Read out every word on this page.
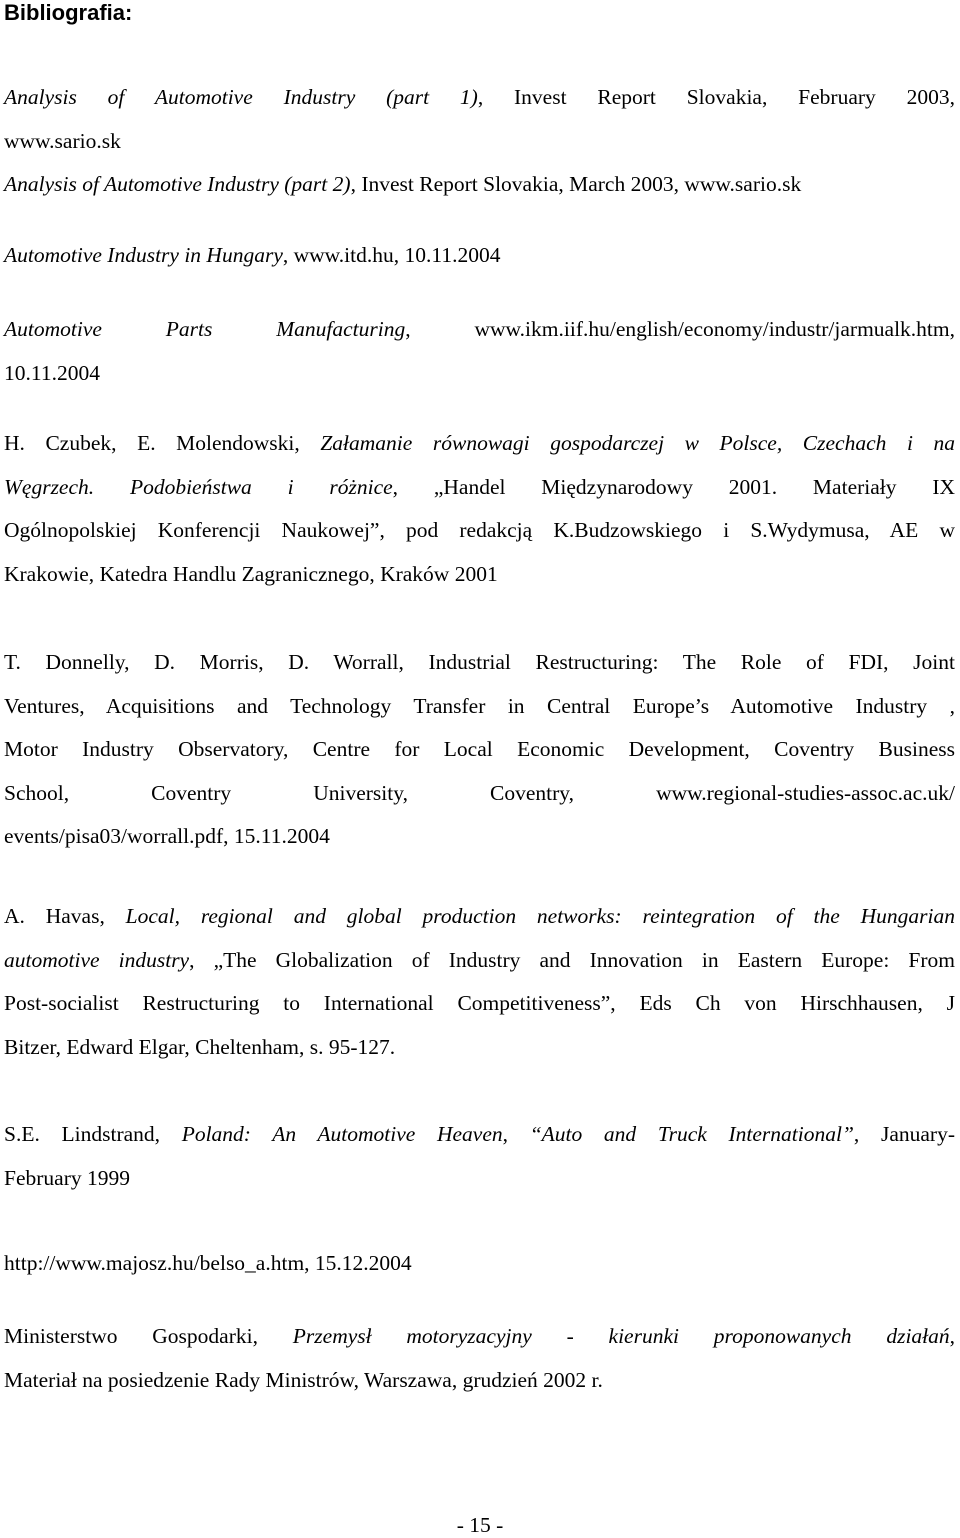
Bibliografia:
Analysis of Automotive Industry (part 1), Invest Report Slovakia, February 2003,
www.sario.sk
Analysis of Automotive Industry (part 2), Invest Report Slovakia, March 2003, www.sario.sk
Automotive Industry in Hungary, www.itd.hu, 10.11.2004
Automotive Parts Manufacturing, www.ikm.iif.hu/english/economy/industr/jarmualk.htm,
10.11.2004
H. Czubek, E. Molendowski, Załamanie równowagi gospodarczej w Polsce, Czechach i na
Węgrzech. Podobieństwa i różnice, „Handel Międzynarodowy 2001. Materiały IX
Ogólnopolskiej Konferencji Naukowej”, pod redakcją K.Budzowskiego i S.Wydymusa, AE w
Krakowie, Katedra Handlu Zagranicznego, Kraków 2001
T. Donnelly, D. Morris, D. Worrall, Industrial Restructuring: The Role of FDI, Joint
Ventures, Acquisitions and Technology Transfer in Central Europe’s Automotive Industry ,
Motor Industry Observatory, Centre for Local Economic Development, Coventry Business
School, Coventry University, Coventry, www.regional-studies-assoc.ac.uk/
events/pisa03/worrall.pdf, 15.11.2004
A. Havas, Local, regional and global production networks: reintegration of the Hungarian
automotive industry, „The Globalization of Industry and Innovation in Eastern Europe: From
Post-socialist Restructuring to International Competitiveness”, Eds Ch von Hirschhausen, J
Bitzer, Edward Elgar, Cheltenham, s. 95-127.
S.E. Lindstrand, Poland: An Automotive Heaven, “Auto and Truck International”, January-
February 1999
http://www.majosz.hu/belso_a.htm, 15.12.2004
Ministerstwo Gospodarki, Przemysł motoryzacyjny - kierunki proponowanych działań,
Materiał na posiedzenie Rady Ministrów, Warszawa, grudzień 2002 r.
- 15 -
